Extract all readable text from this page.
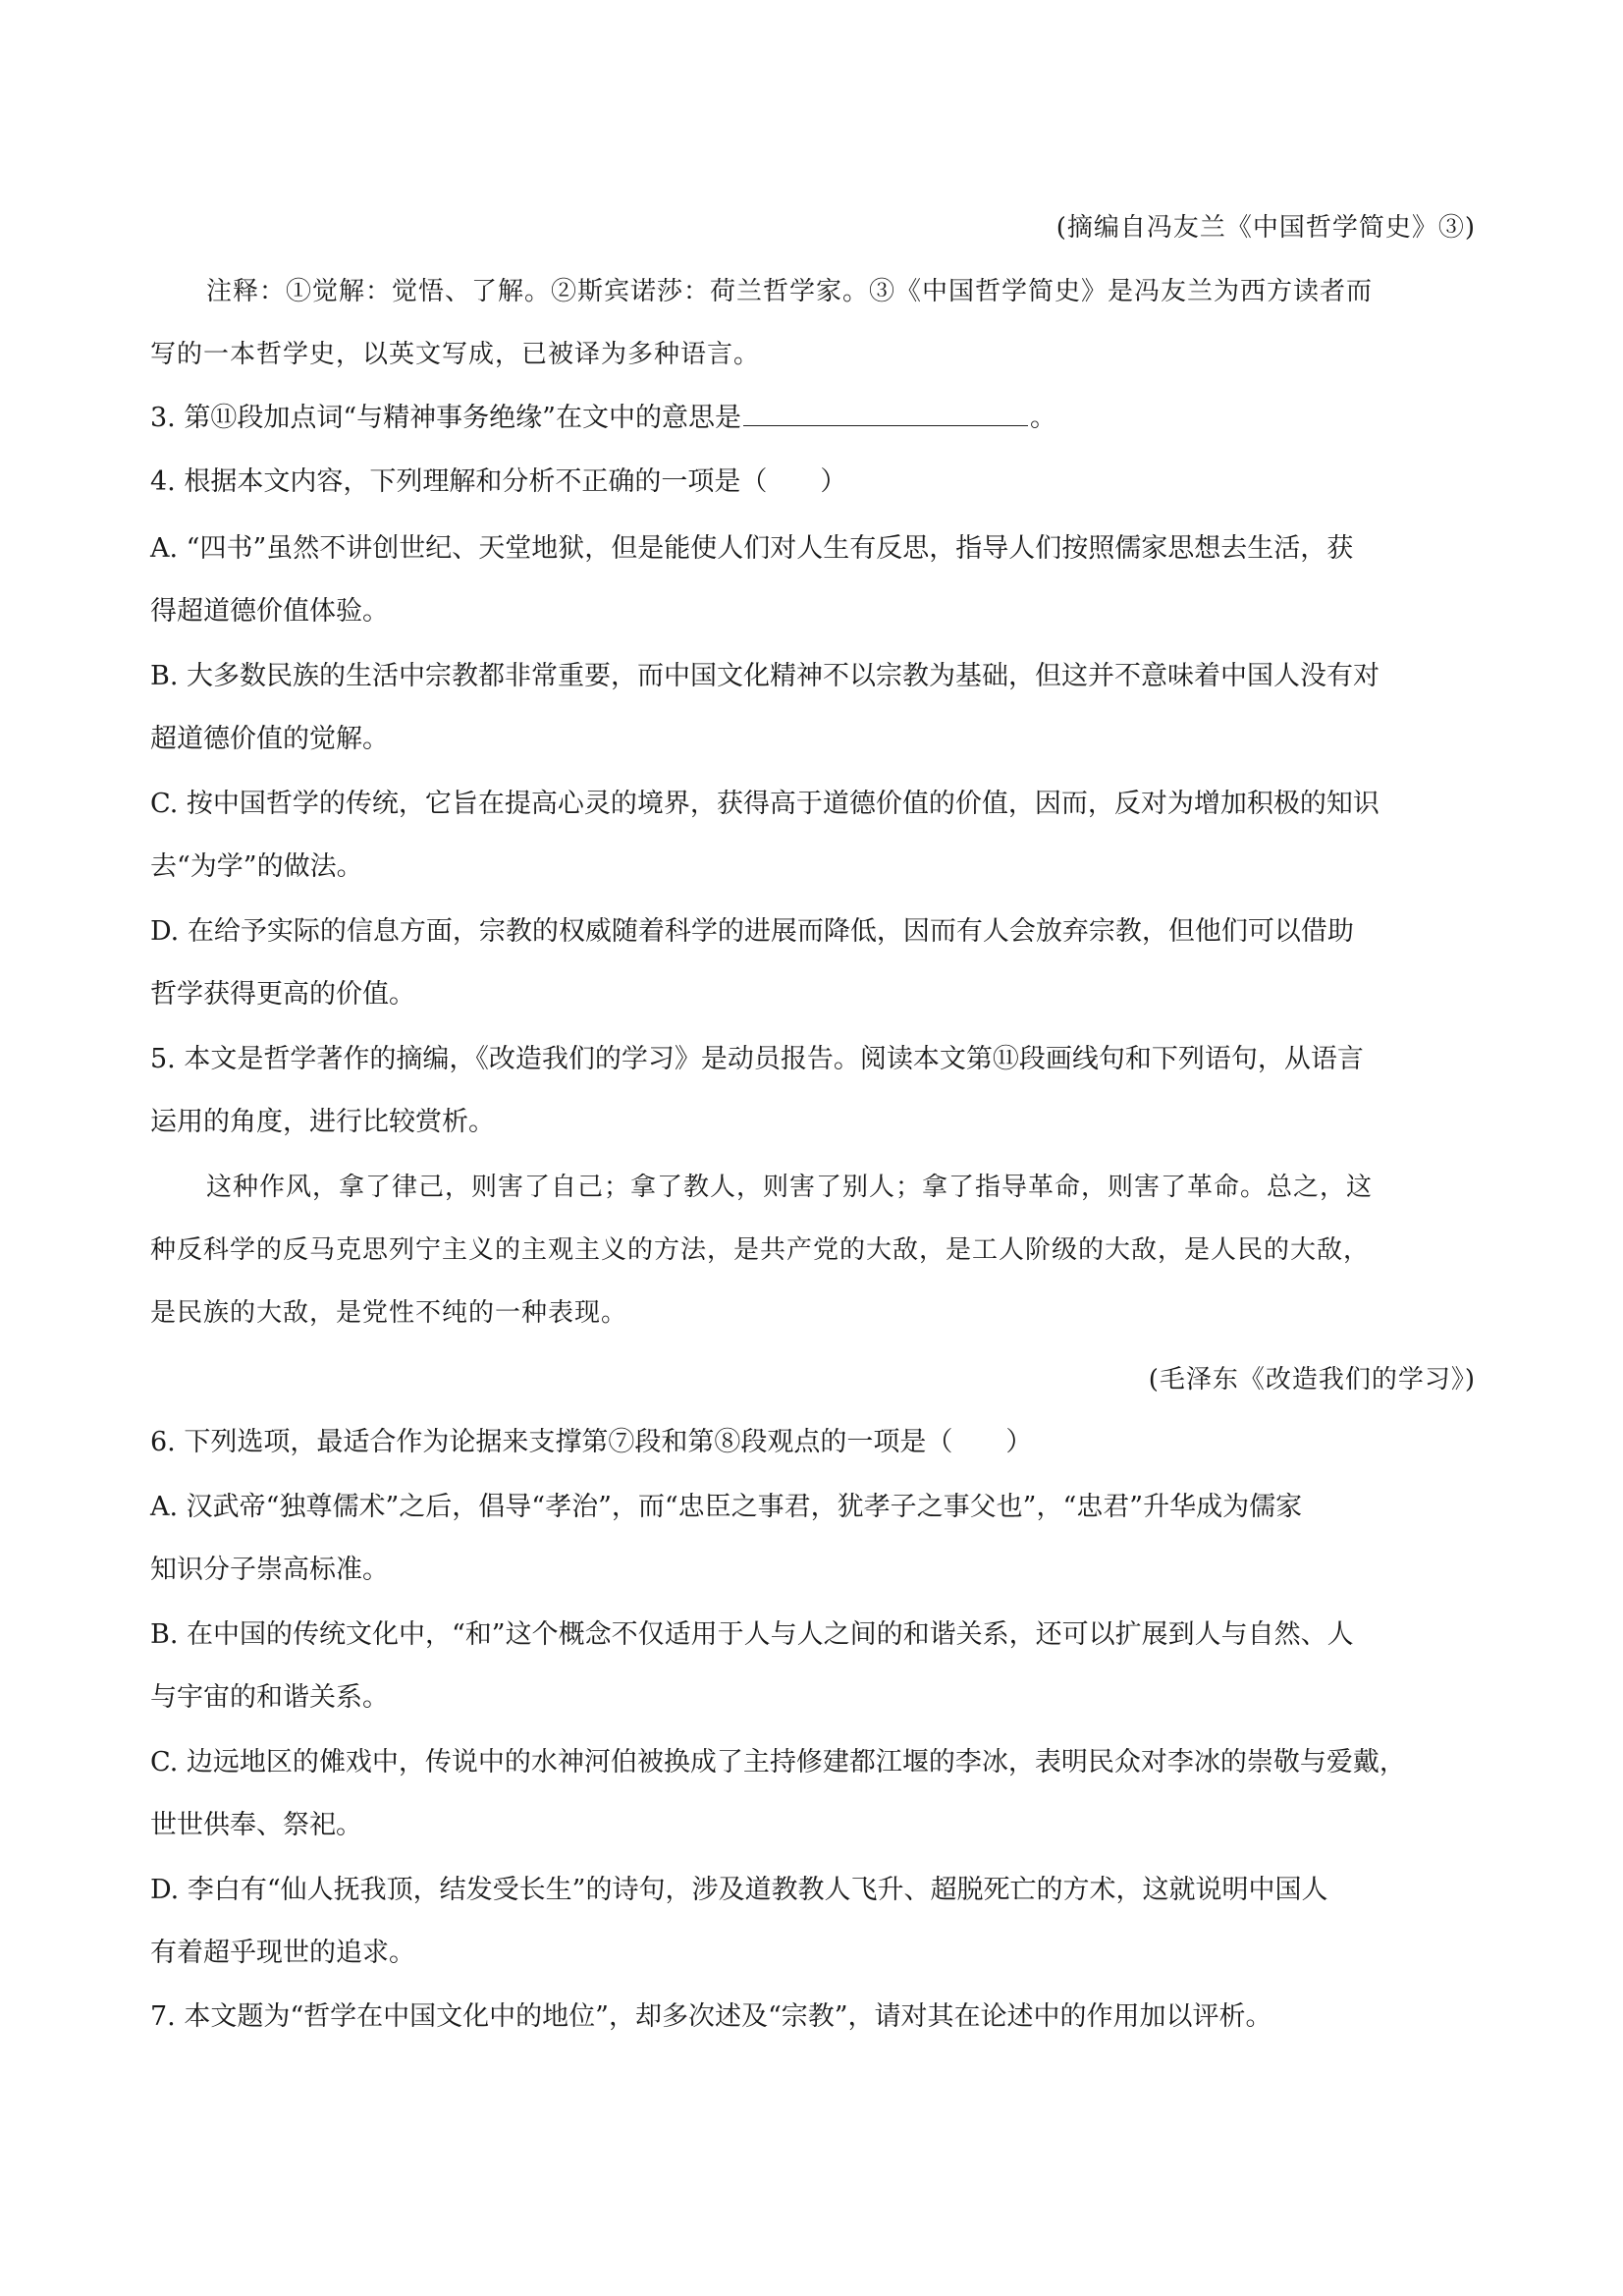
(摘编自冯友兰《中国哲学简史》③)
注释：①觉解：觉悟、了解。②斯宾诺莎：荷兰哲学家。③《中国哲学简史》是冯友兰为西方读者而
写的一本哲学史，以英文写成，已被译为多种语言。
3. 第⑪段加点词“与精神事务绝缘”在文中的意思是	。
4. 根据本文内容，下列理解和分析不正确的一项是（　　）
A. “四书”虽然不讲创世纪、天堂地狱，但是能使人们对人生有反思，指导人们按照儒家思想去生活，获
得超道德价值体验。
B. 大多数民族的生活中宗教都非常重要，而中国文化精神不以宗教为基础，但这并不意味着中国人没有对
超道德价值的觉解。
C. 按中国哲学的传统，它旨在提高心灵的境界，获得高于道德价值的价值，因而，反对为增加积极的知识
去“为学”的做法。
D. 在给予实际的信息方面，宗教的权威随着科学的进展而降低，因而有人会放弃宗教，但他们可以借助
哲学获得更高的价值。
5. 本文是哲学著作的摘编，《改造我们的学习》是动员报告。阅读本文第⑪段画线句和下列语句，从语言
运用的角度，进行比较赏析。
这种作风，拿了律己，则害了自己；拿了教人，则害了别人；拿了指导革命，则害了革命。总之，这
种反科学的反马克思列宁主义的主观主义的方法，是共产党的大敌，是工人阶级的大敌，是人民的大敌，
是民族的大敌，是党性不纯的一种表现。
(毛泽东《改造我们的学习》)
6. 下列选项，最适合作为论据来支撑第⑦段和第⑧段观点的一项是（　　）
A. 汉武帝“独尊儒术”之后，倡导“孝治”，而“忠臣之事君，犹孝子之事父也”，“忠君”升华成为儒家
知识分子崇高标准。
B. 在中国的传统文化中，“和”这个概念不仅适用于人与人之间的和谐关系，还可以扩展到人与自然、人
与宇宙的和谐关系。
C. 边远地区的傩戏中，传说中的水神河伯被换成了主持修建都江堰的李冰，表明民众对李冰的崇敬与爱戴，
世世供奉、祭祀。
D. 李白有“仙人抚我顶，结发受长生”的诗句，涉及道教教人飞升、超脱死亡的方术，这就说明中国人
有着超乎现世的追求。
7. 本文题为“哲学在中国文化中的地位”，却多次述及“宗教”，请对其在论述中的作用加以评析。
